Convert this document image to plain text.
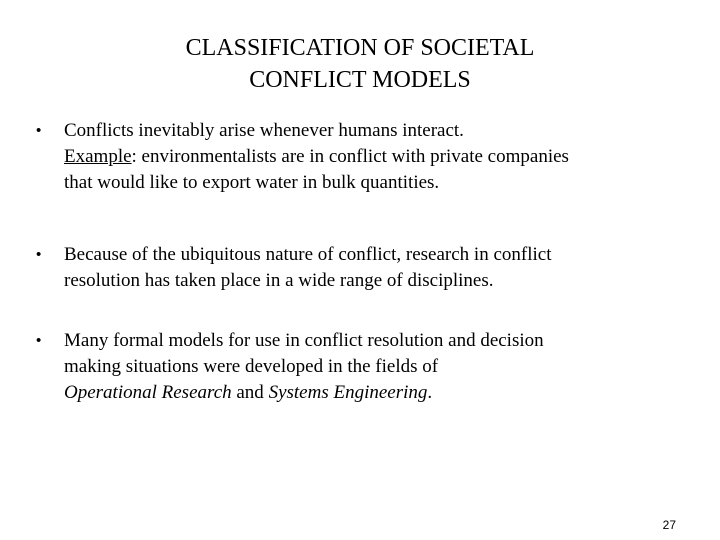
CLASSIFICATION OF SOCIETAL
CONFLICT MODELS
•	Conflicts inevitably arise whenever humans interact.
Example: environmentalists are in conflict with private companies
that would like to export water in bulk quantities.
•	Because of the ubiquitous nature of conflict, research in conflict
resolution has taken place in a wide range of disciplines.
•	Many formal models for use in conflict resolution and decision
making situations were developed in the fields of
Operational Research and Systems Engineering.
27
